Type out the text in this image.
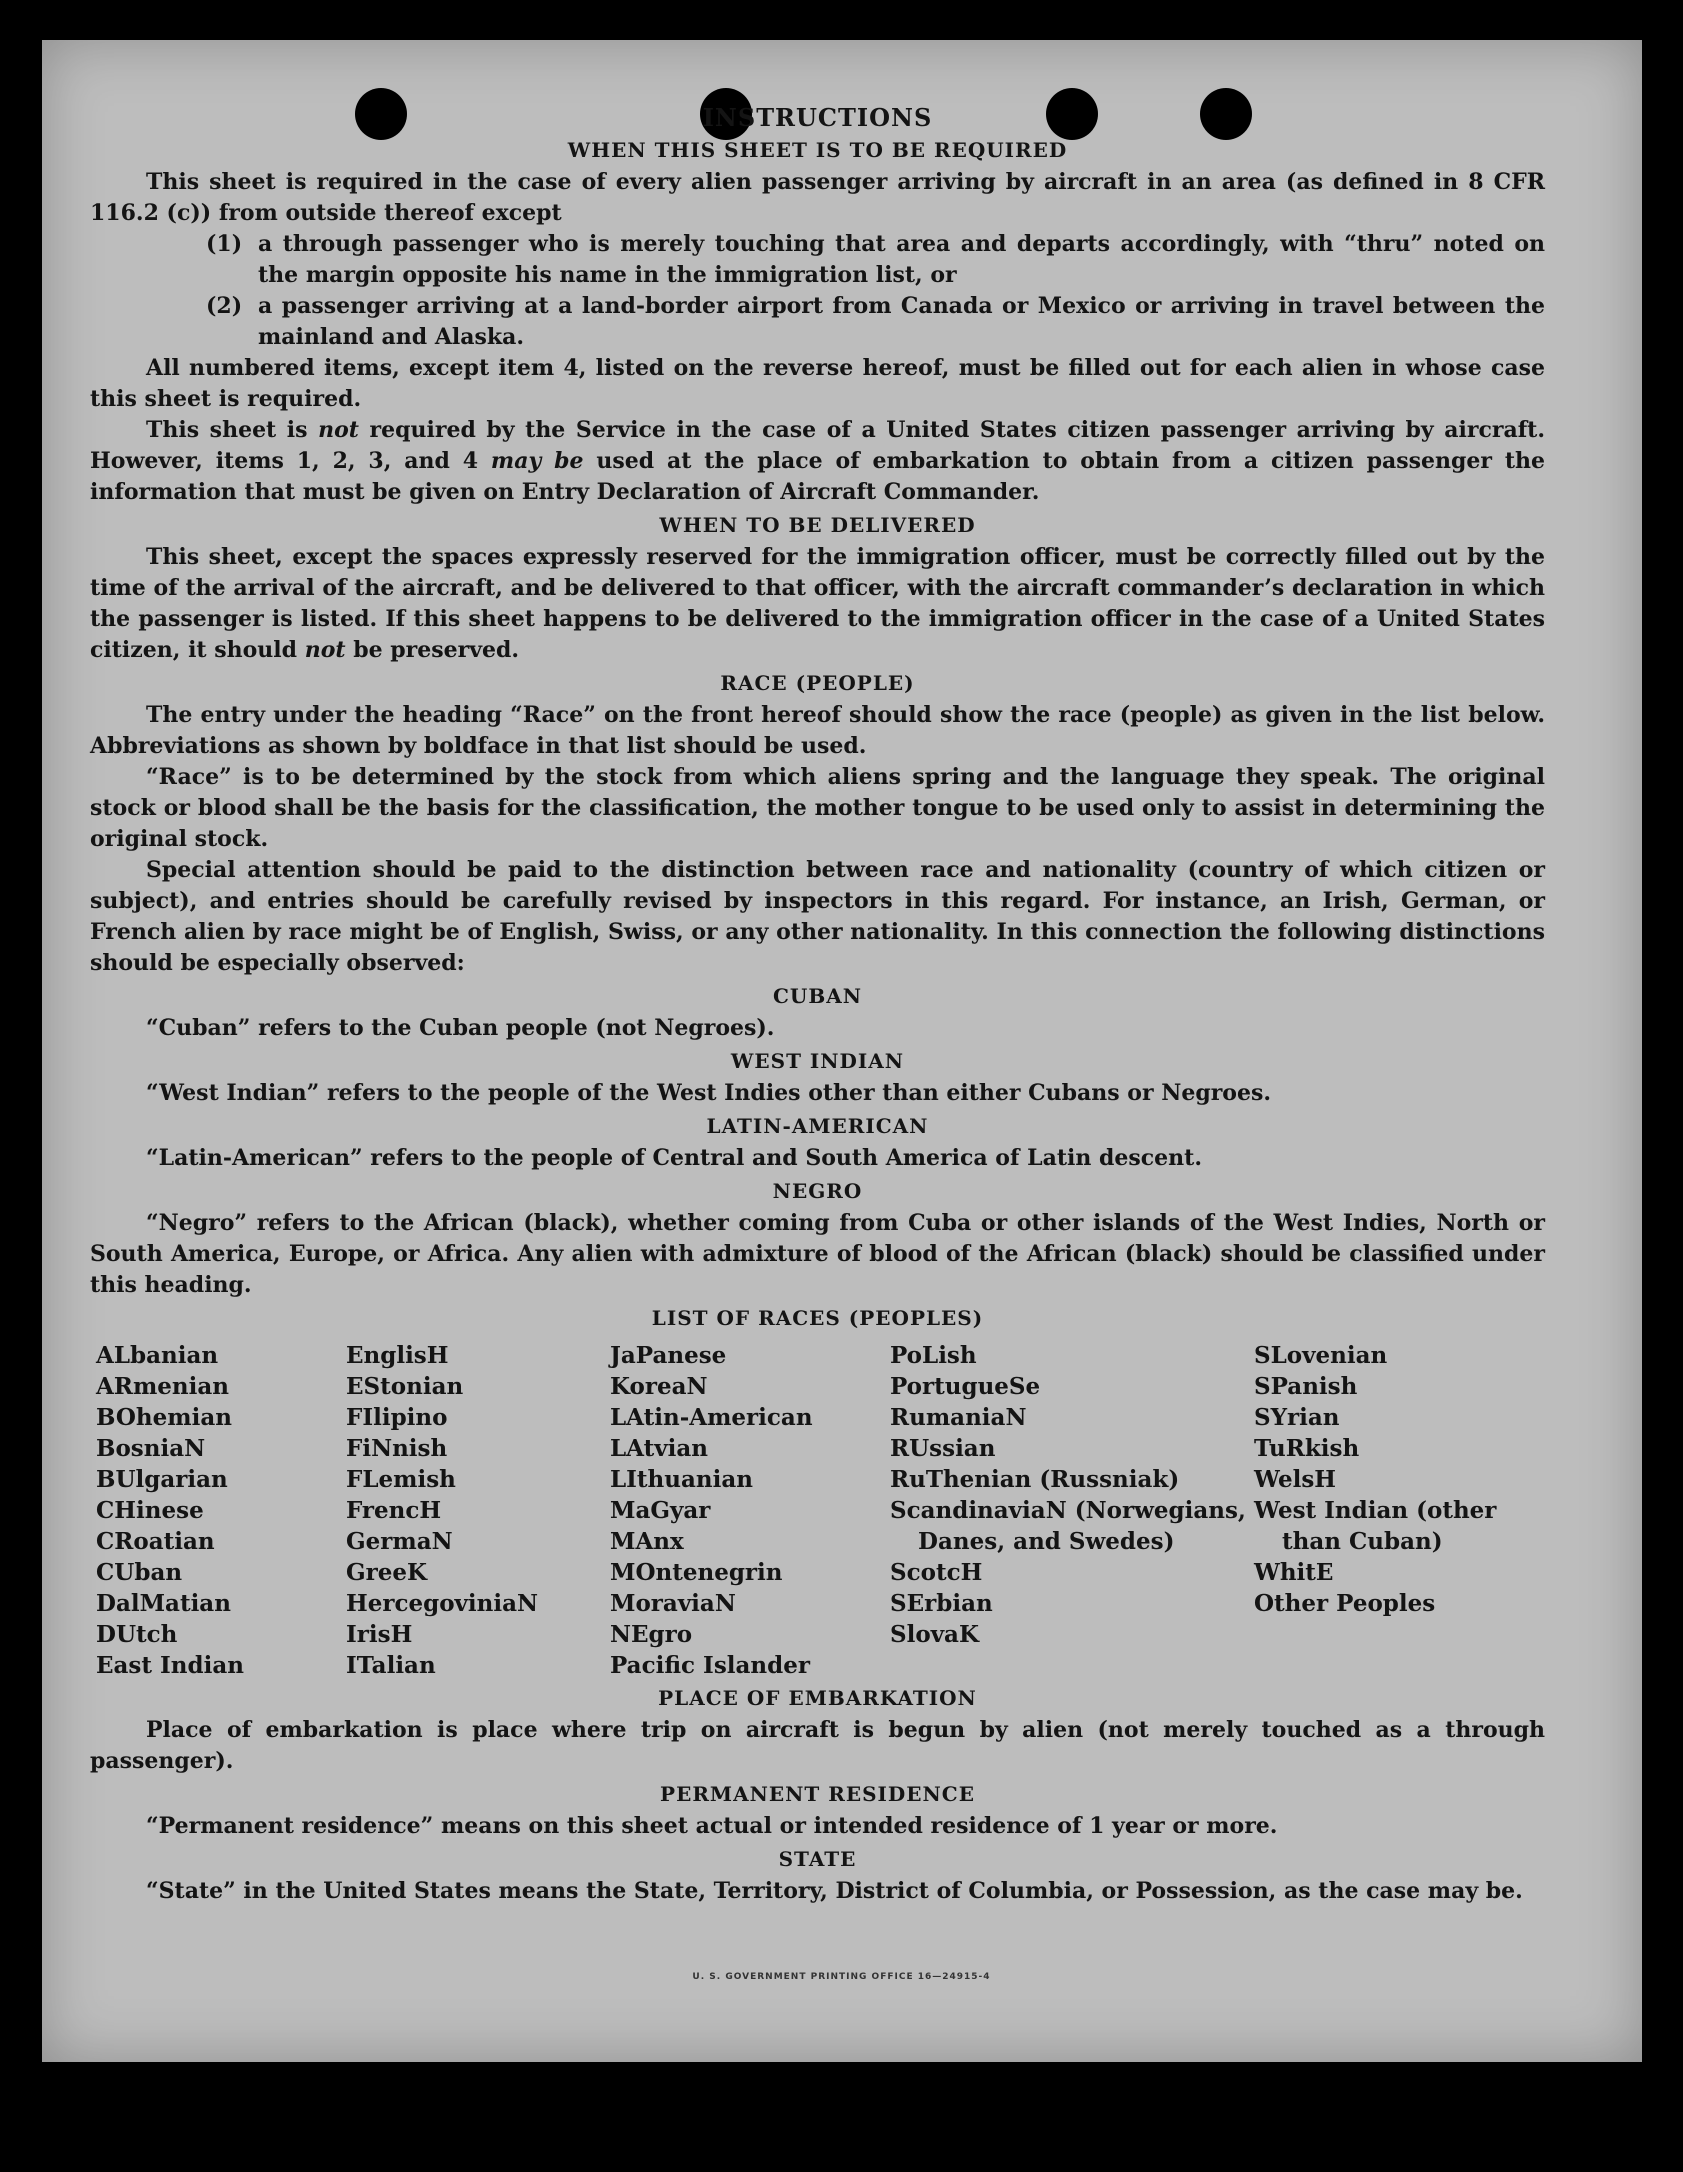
INSTRUCTIONS
WHEN THIS SHEET IS TO BE REQUIRED

This sheet is required in the case of every alien passenger arriving by aircraft in an area (as defined in 8 CFR 116.2 (c)) from outside thereof except

(1) a through passenger who is merely touching that area and departs accordingly, with “thru” noted on the margin opposite his name in the immigration list, or
(2) a passenger arriving at a land-border airport from Canada or Mexico or arriving in travel between the mainland and Alaska.

All numbered items, except item 4, listed on the reverse hereof, must be filled out for each alien in whose case this sheet is required.

This sheet is not required by the Service in the case of a United States citizen passenger arriving by aircraft. However, items 1, 2, 3, and 4 may be used at the place of embarkation to obtain from a citizen passenger the information that must be given on Entry Declaration of Aircraft Commander.

WHEN TO BE DELIVERED

This sheet, except the spaces expressly reserved for the immigration officer, must be correctly filled out by the time of the arrival of the aircraft, and be delivered to that officer, with the aircraft commander’s declaration in which the passenger is listed. If this sheet happens to be delivered to the immigration officer in the case of a United States citizen, it should not be preserved.

RACE (PEOPLE)

The entry under the heading “Race” on the front hereof should show the race (people) as given in the list below. Abbreviations as shown by boldface in that list should be used.

“Race” is to be determined by the stock from which aliens spring and the language they speak. The original stock or blood shall be the basis for the classification, the mother tongue to be used only to assist in determining the original stock.

Special attention should be paid to the distinction between race and nationality (country of which citizen or subject), and entries should be carefully revised by inspectors in this regard. For instance, an Irish, German, or French alien by race might be of English, Swiss, or any other nationality. In this connection the following distinctions should be especially observed:

CUBAN

“Cuban” refers to the Cuban people (not Negroes).

WEST INDIAN

“West Indian” refers to the people of the West Indies other than either Cubans or Negroes.

LATIN-AMERICAN

“Latin-American” refers to the people of Central and South America of Latin descent.

NEGRO

“Negro” refers to the African (black), whether coming from Cuba or other islands of the West Indies, North or South America, Europe, or Africa. Any alien with admixture of blood of the African (black) should be classified under this heading.

LIST OF RACES (PEOPLES)
ALbanian
ARmenian
BOhemian
BosniaN
BUlgarian
CHinese
CRoatian
CUban
DalMatian
DUtch
East Indian
EnglisH
EStonian
FIlipino
FiNnish
FLemish
FrencH
GermaN
GreeK
HercegoviniaN
IrisH
ITalian
JaPanese
KoreaN
LAtin-American
LAtvian
LIthuanian
MaGyar
MAnx
MOntenegrin
MoraviaN
NEgro
Pacific Islander
PoLish
PortugueSe
RumaniaN
RUssian
RuThenian (Russniak)
ScandinaviaN (Norwegians, Danes, and Swedes)
ScotcH
SErbian
SlovaK
SLovenian
SPanish
SYrian
TuRkish
WelsH
West Indian (other than Cuban)
WhitE
Other Peoples
PLACE OF EMBARKATION

Place of embarkation is place where trip on aircraft is begun by alien (not merely touched as a through passenger).

PERMANENT RESIDENCE

“Permanent residence” means on this sheet actual or intended residence of 1 year or more.

STATE

“State” in the United States means the State, Territory, District of Columbia, or Possession, as the case may be.

U. S. GOVERNMENT PRINTING OFFICE 16—24915-4
